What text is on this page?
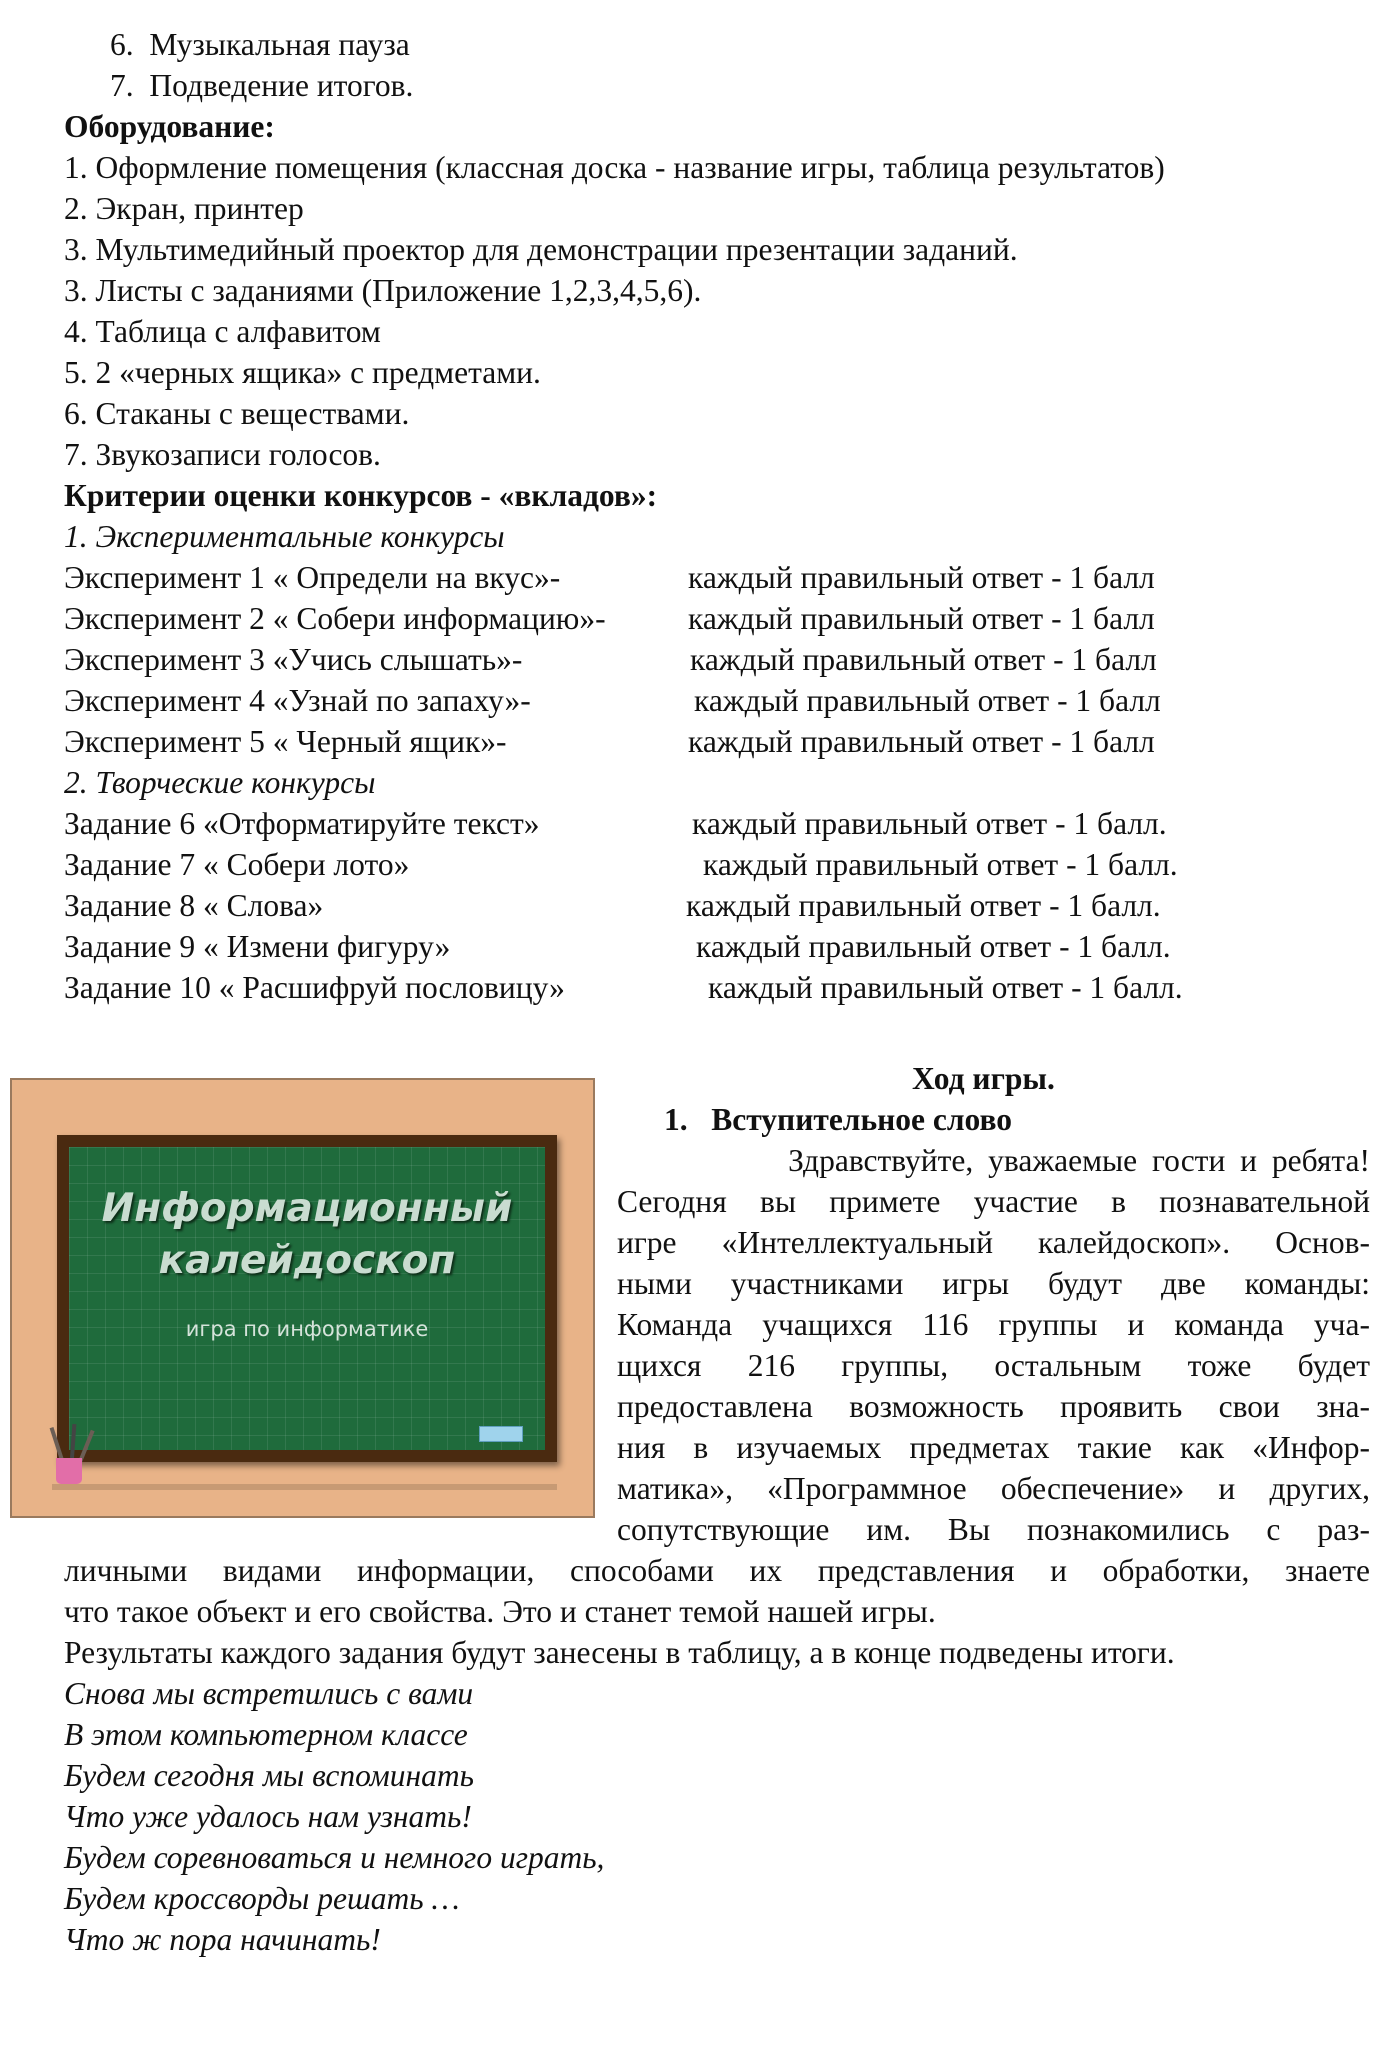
6. Музыкальная пауза
7. Подведение итогов.
Оборудование:
1. Оформление помещения (классная доска - название игры, таблица результатов)
2. Экран, принтер
3. Мультимедийный проектор для демонстрации презентации заданий.
3. Листы с заданиями (Приложение 1,2,3,4,5,6).
4. Таблица с алфавитом
5. 2 «черных ящика» с предметами.
6. Стаканы с веществами.
7. Звукозаписи голосов.
Критерии оценки конкурсов - «вкладов»:
1. Экспериментальные конкурсы
Эксперимент 1 « Определи на вкус»-	каждый правильный ответ - 1 балл
Эксперимент 2 « Собери информацию»-	каждый правильный ответ - 1 балл
Эксперимент 3 «Учись слышать»-	каждый правильный ответ - 1 балл
Эксперимент 4 «Узнай по запаху»-	каждый правильный ответ - 1 балл
Эксперимент 5 « Черный ящик»-	каждый правильный ответ - 1 балл
2. Творческие конкурсы
Задание 6 «Отформатируйте текст»	каждый правильный ответ - 1 балл.
Задание 7 « Собери лото»	каждый правильный ответ - 1 балл.
Задание 8 « Слова»	каждый правильный ответ - 1 балл.
Задание 9 « Измени фигуру»	каждый правильный ответ - 1 балл.
Задание 10 « Расшифруй пословицу»	каждый правильный ответ - 1 балл.
Информационный
калейдоскоп
игра по информатике
Ход игры.
1. Вступительное слово
Здравствуйте, уважаемые гости и ребята!
Сегодня вы примете участие в познавательной
игре «Интеллектуальный калейдоскоп». Основ-
ными участниками игры будут две команды:
Команда учащихся 116 группы и команда уча-
щихся 216 группы, остальным тоже будет
предоставлена возможность проявить свои зна-
ния в изучаемых предметах такие как «Инфор-
матика», «Программное обеспечение» и других,
сопутствующие им. Вы познакомились с раз-
личными видами информации, способами их представления и обработки, знаете
что такое объект и его свойства. Это и станет темой нашей игры.
Результаты каждого задания будут занесены в таблицу, а в конце подведены итоги.
Снова мы встретились с вами
В этом компьютерном классе
Будем сегодня мы вспоминать
Что уже удалось нам узнать!
Будем соревноваться и немного играть,
Будем кроссворды решать …
Что ж пора начинать!
